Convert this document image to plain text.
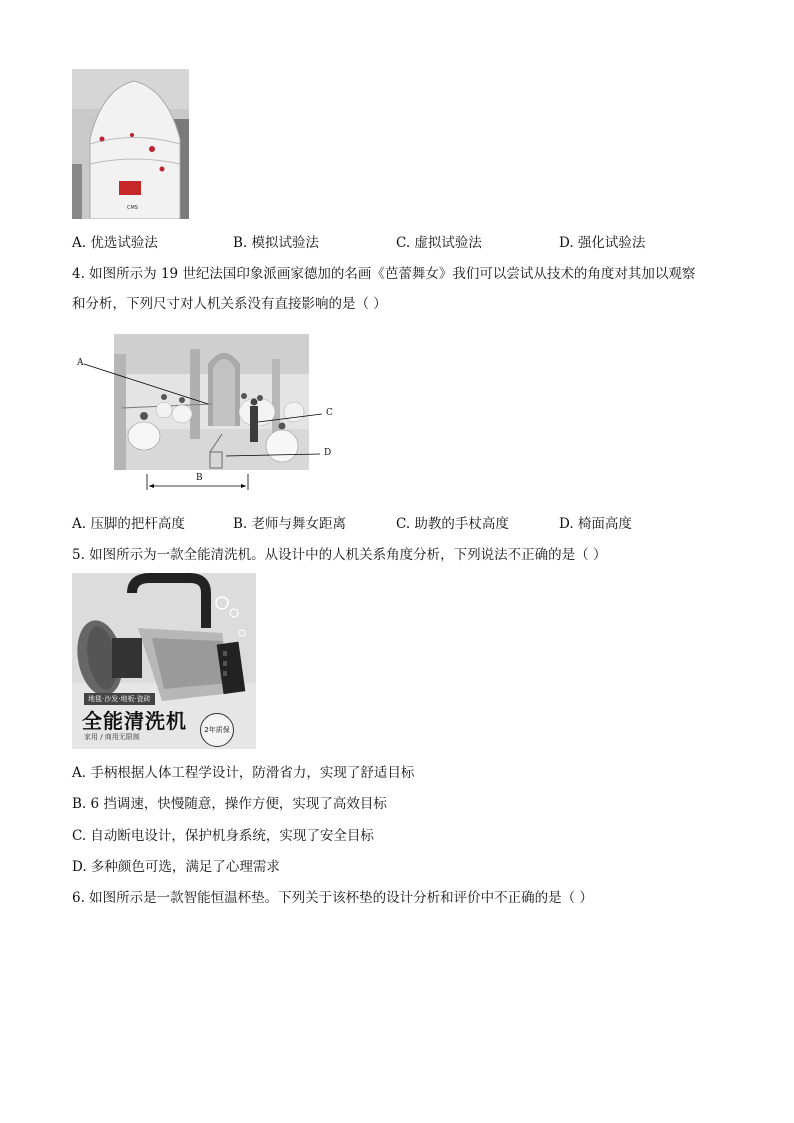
CMS
A. 优选试验法	B. 模拟试验法	C. 虚拟试验法	D. 强化试验法
4. 如图所示为 19 世纪法国印象派画家德加的名画《芭蕾舞女》我们可以尝试从技术的角度对其加以观察
和分析，下列尺寸对人机关系没有直接影响的是（ ）
A
C
D
B
A. 压脚的把杆高度	B. 老师与舞女距离	C. 助教的手杖高度	D. 椅面高度
5. 如图所示为一款全能清洗机。从设计中的人机关系角度分析，下列说法不正确的是（ ）
地毯·沙发·地板·瓷砖
全能清洗机
家用 / 商用无限制
2年质保
A. 手柄根据人体工程学设计，防滑省力，实现了舒适目标
B. 6 挡调速，快慢随意，操作方便，实现了高效目标
C. 自动断电设计，保护机身系统，实现了安全目标
D. 多种颜色可选，满足了心理需求
6. 如图所示是一款智能恒温杯垫。下列关于该杯垫的设计分析和评价中不正确的是（ ）
